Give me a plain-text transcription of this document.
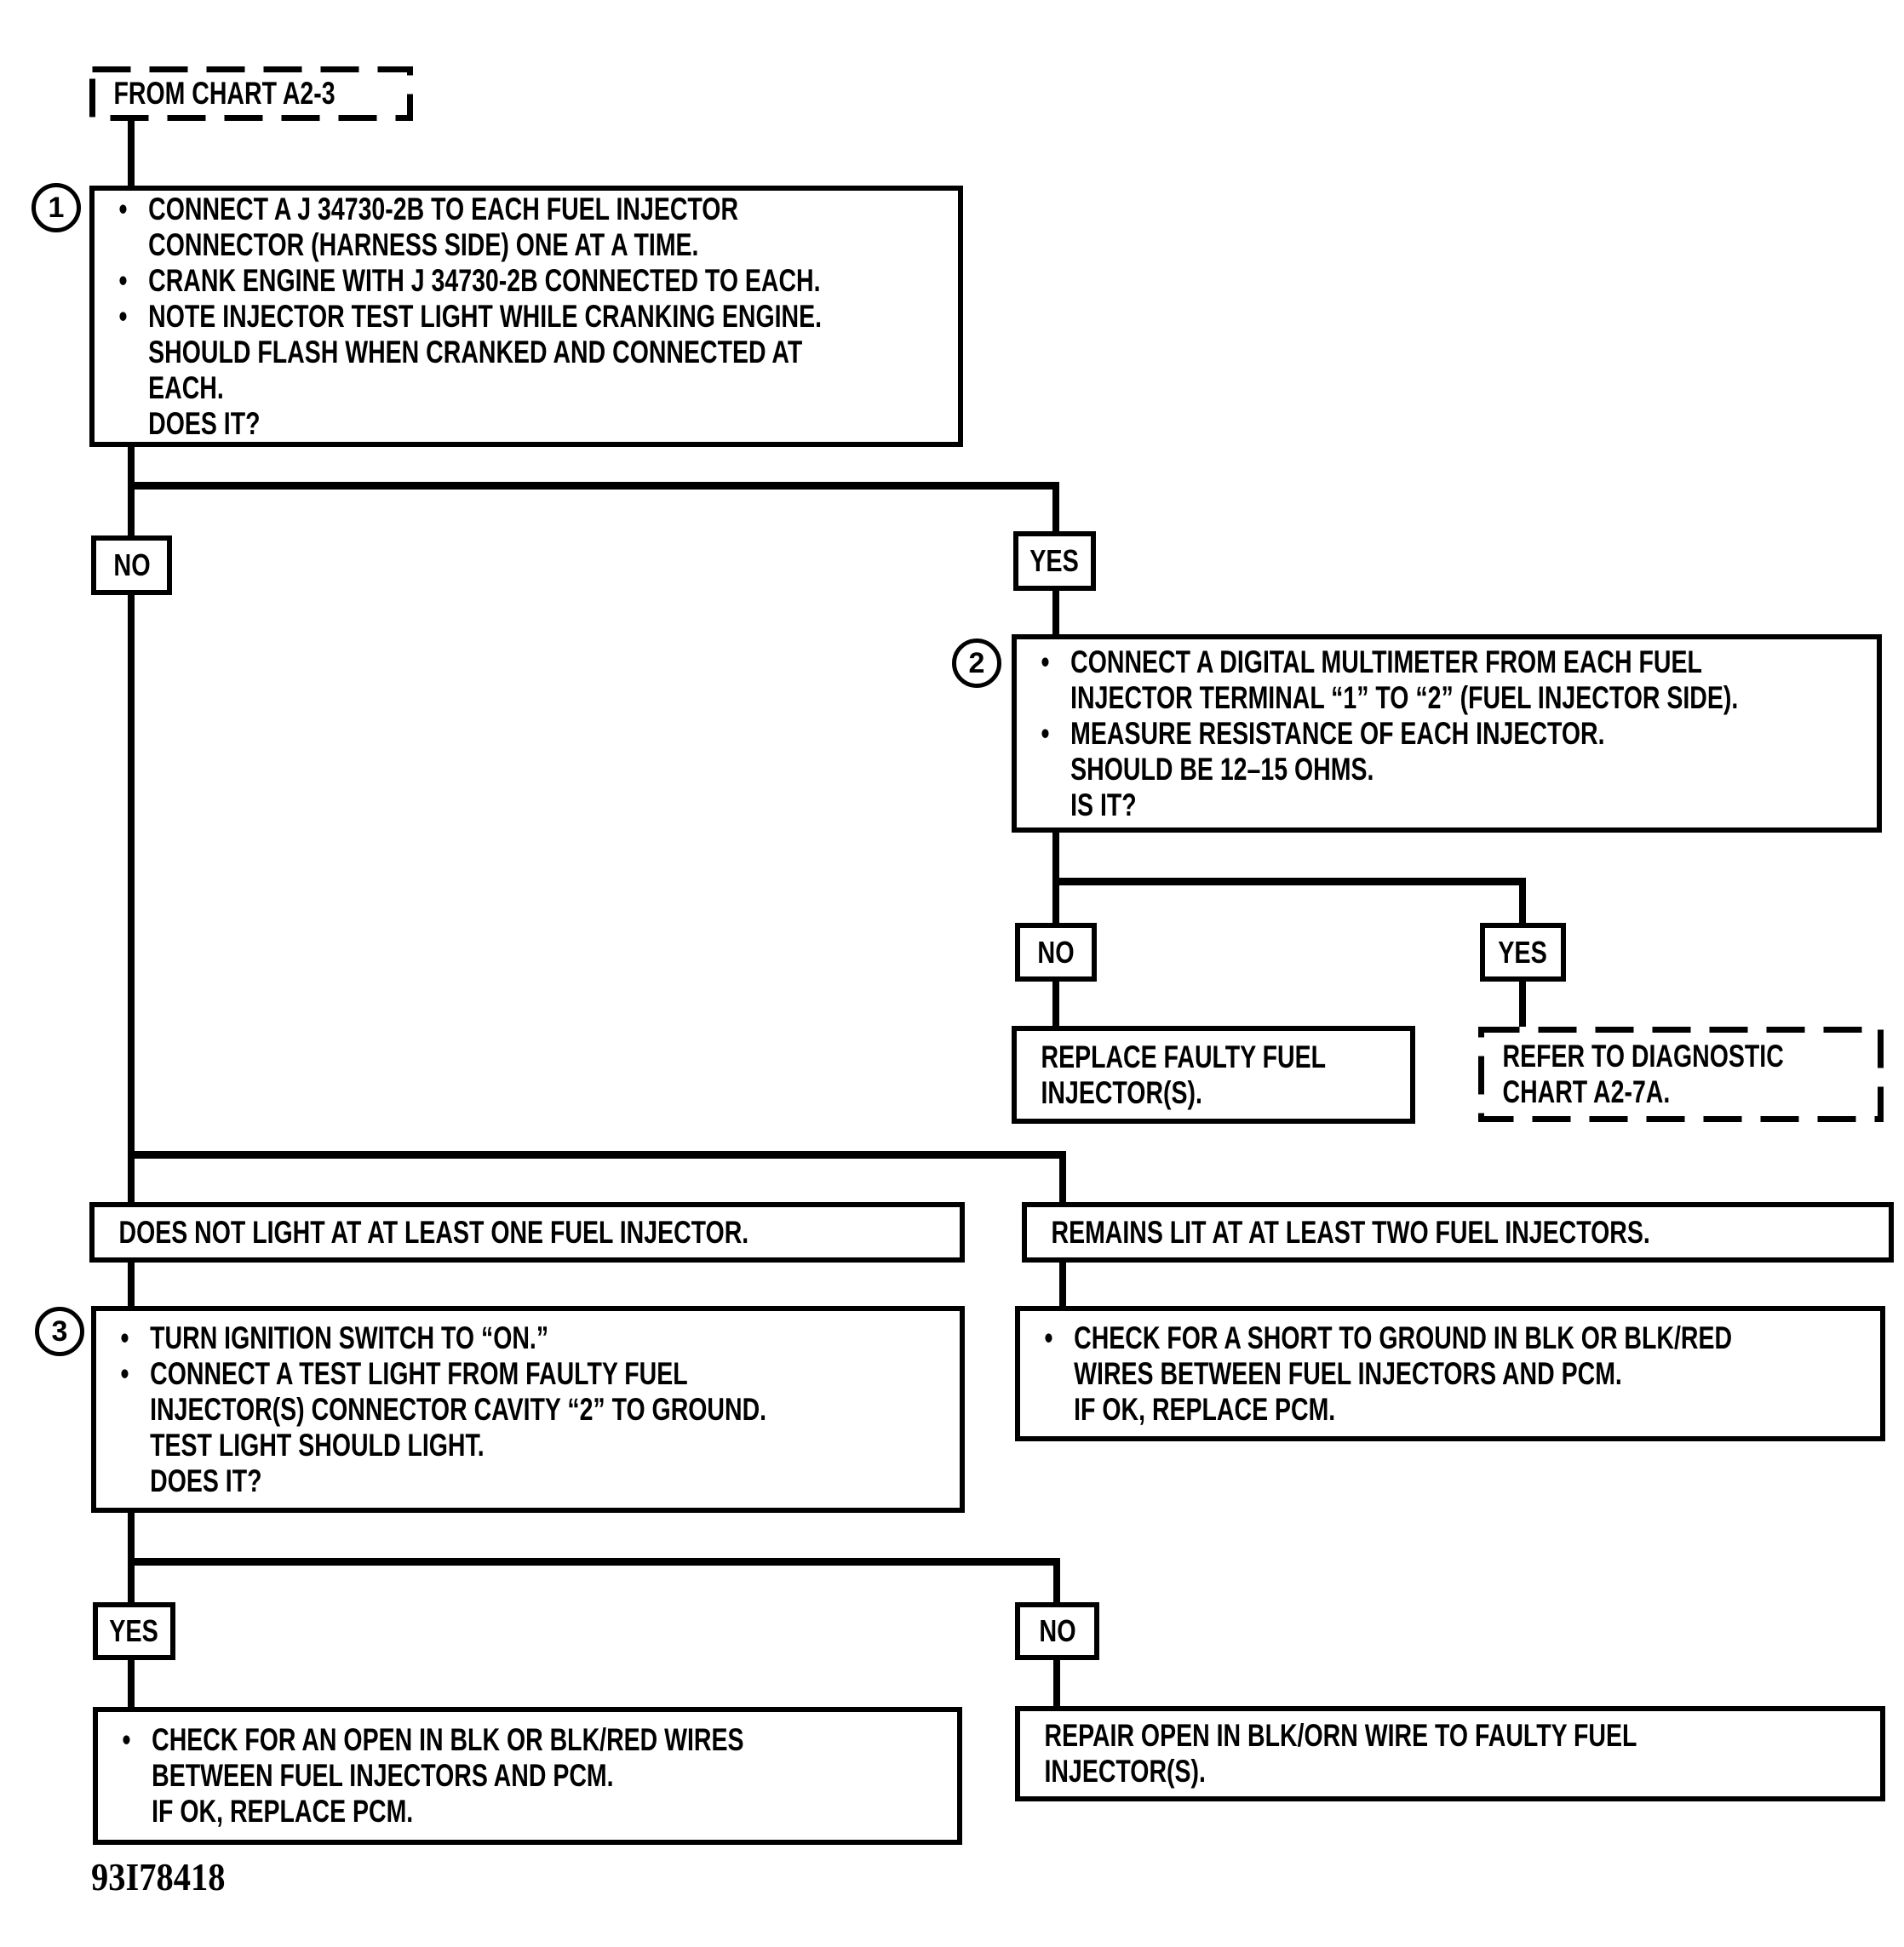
1
2
3
FROM CHART A2-3
• CONNECT A J 34730-2B TO EACH FUEL INJECTOR
CONNECTOR (HARNESS SIDE) ONE AT A TIME.
• CRANK ENGINE WITH J 34730-2B CONNECTED TO EACH.
• NOTE INJECTOR TEST LIGHT WHILE CRANKING ENGINE.
SHOULD FLASH WHEN CRANKED AND CONNECTED AT
EACH.
DOES IT?
NO	YES
• CONNECT A DIGITAL MULTIMETER FROM EACH FUEL
INJECTOR TERMINAL “1” TO “2” (FUEL INJECTOR SIDE).
• MEASURE RESISTANCE OF EACH INJECTOR.
SHOULD BE 12–15 OHMS.
IS IT?
NO	YES
REPLACE FAULTY FUEL
INJECTOR(S).
REFER TO DIAGNOSTIC
CHART A2-7A.
DOES NOT LIGHT AT AT LEAST ONE FUEL INJECTOR.	REMAINS LIT AT AT LEAST TWO FUEL INJECTORS.
• TURN IGNITION SWITCH TO “ON.”
• CONNECT A TEST LIGHT FROM FAULTY FUEL
INJECTOR(S) CONNECTOR CAVITY “2” TO GROUND.
TEST LIGHT SHOULD LIGHT.
DOES IT?
• CHECK FOR A SHORT TO GROUND IN BLK OR BLK/RED
WIRES BETWEEN FUEL INJECTORS AND PCM.
IF OK, REPLACE PCM.
YES	NO
• CHECK FOR AN OPEN IN BLK OR BLK/RED WIRES
BETWEEN FUEL INJECTORS AND PCM.
IF OK, REPLACE PCM.
REPAIR OPEN IN BLK/ORN WIRE TO FAULTY FUEL
INJECTOR(S).
93I78418
